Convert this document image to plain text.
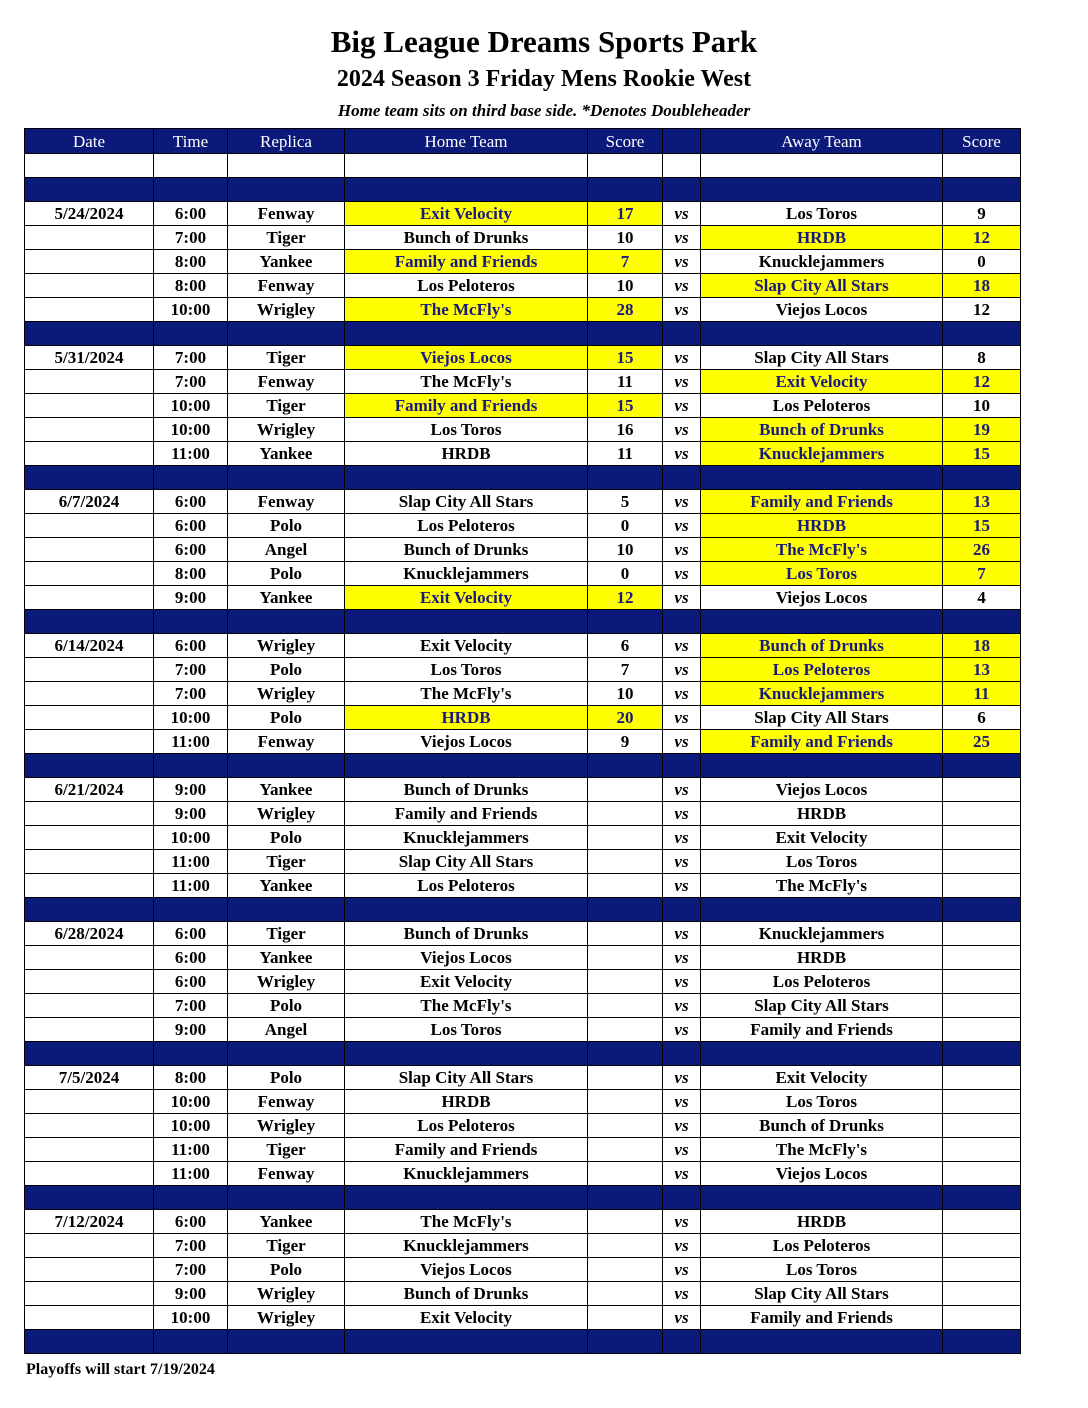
Big League Dreams Sports Park
2024 Season 3 Friday Mens Rookie West
Home team sits on third base side. *Denotes Doubleheader
Date	Time	Replica	Home Team	Score		Away Team	Score

5/24/2024	6:00	Fenway	Exit Velocity	17	vs	Los Toros	9
	7:00	Tiger	Bunch of Drunks	10	vs	HRDB	12
	8:00	Yankee	Family and Friends	7	vs	Knucklejammers	0
	8:00	Fenway	Los Peloteros	10	vs	Slap City All Stars	18
	10:00	Wrigley	The McFly's	28	vs	Viejos Locos	12

5/31/2024	7:00	Tiger	Viejos Locos	15	vs	Slap City All Stars	8
	7:00	Fenway	The McFly's	11	vs	Exit Velocity	12
	10:00	Tiger	Family and Friends	15	vs	Los Peloteros	10
	10:00	Wrigley	Los Toros	16	vs	Bunch of Drunks	19
	11:00	Yankee	HRDB	11	vs	Knucklejammers	15

6/7/2024	6:00	Fenway	Slap City All Stars	5	vs	Family and Friends	13
	6:00	Polo	Los Peloteros	0	vs	HRDB	15
	6:00	Angel	Bunch of Drunks	10	vs	The McFly's	26
	8:00	Polo	Knucklejammers	0	vs	Los Toros	7
	9:00	Yankee	Exit Velocity	12	vs	Viejos Locos	4

6/14/2024	6:00	Wrigley	Exit Velocity	6	vs	Bunch of Drunks	18
	7:00	Polo	Los Toros	7	vs	Los Peloteros	13
	7:00	Wrigley	The McFly's	10	vs	Knucklejammers	11
	10:00	Polo	HRDB	20	vs	Slap City All Stars	6
	11:00	Fenway	Viejos Locos	9	vs	Family and Friends	25

6/21/2024	9:00	Yankee	Bunch of Drunks		vs	Viejos Locos	
	9:00	Wrigley	Family and Friends		vs	HRDB	
	10:00	Polo	Knucklejammers		vs	Exit Velocity	
	11:00	Tiger	Slap City All Stars		vs	Los Toros	
	11:00	Yankee	Los Peloteros		vs	The McFly's	

6/28/2024	6:00	Tiger	Bunch of Drunks		vs	Knucklejammers	
	6:00	Yankee	Viejos Locos		vs	HRDB	
	6:00	Wrigley	Exit Velocity		vs	Los Peloteros	
	7:00	Polo	The McFly's		vs	Slap City All Stars	
	9:00	Angel	Los Toros		vs	Family and Friends	

7/5/2024	8:00	Polo	Slap City All Stars		vs	Exit Velocity	
	10:00	Fenway	HRDB		vs	Los Toros	
	10:00	Wrigley	Los Peloteros		vs	Bunch of Drunks	
	11:00	Tiger	Family and Friends		vs	The McFly's	
	11:00	Fenway	Knucklejammers		vs	Viejos Locos	

7/12/2024	6:00	Yankee	The McFly's		vs	HRDB	
	7:00	Tiger	Knucklejammers		vs	Los Peloteros	
	7:00	Polo	Viejos Locos		vs	Los Toros	
	9:00	Wrigley	Bunch of Drunks		vs	Slap City All Stars	
	10:00	Wrigley	Exit Velocity		vs	Family and Friends	

Playoffs will start 7/19/2024
